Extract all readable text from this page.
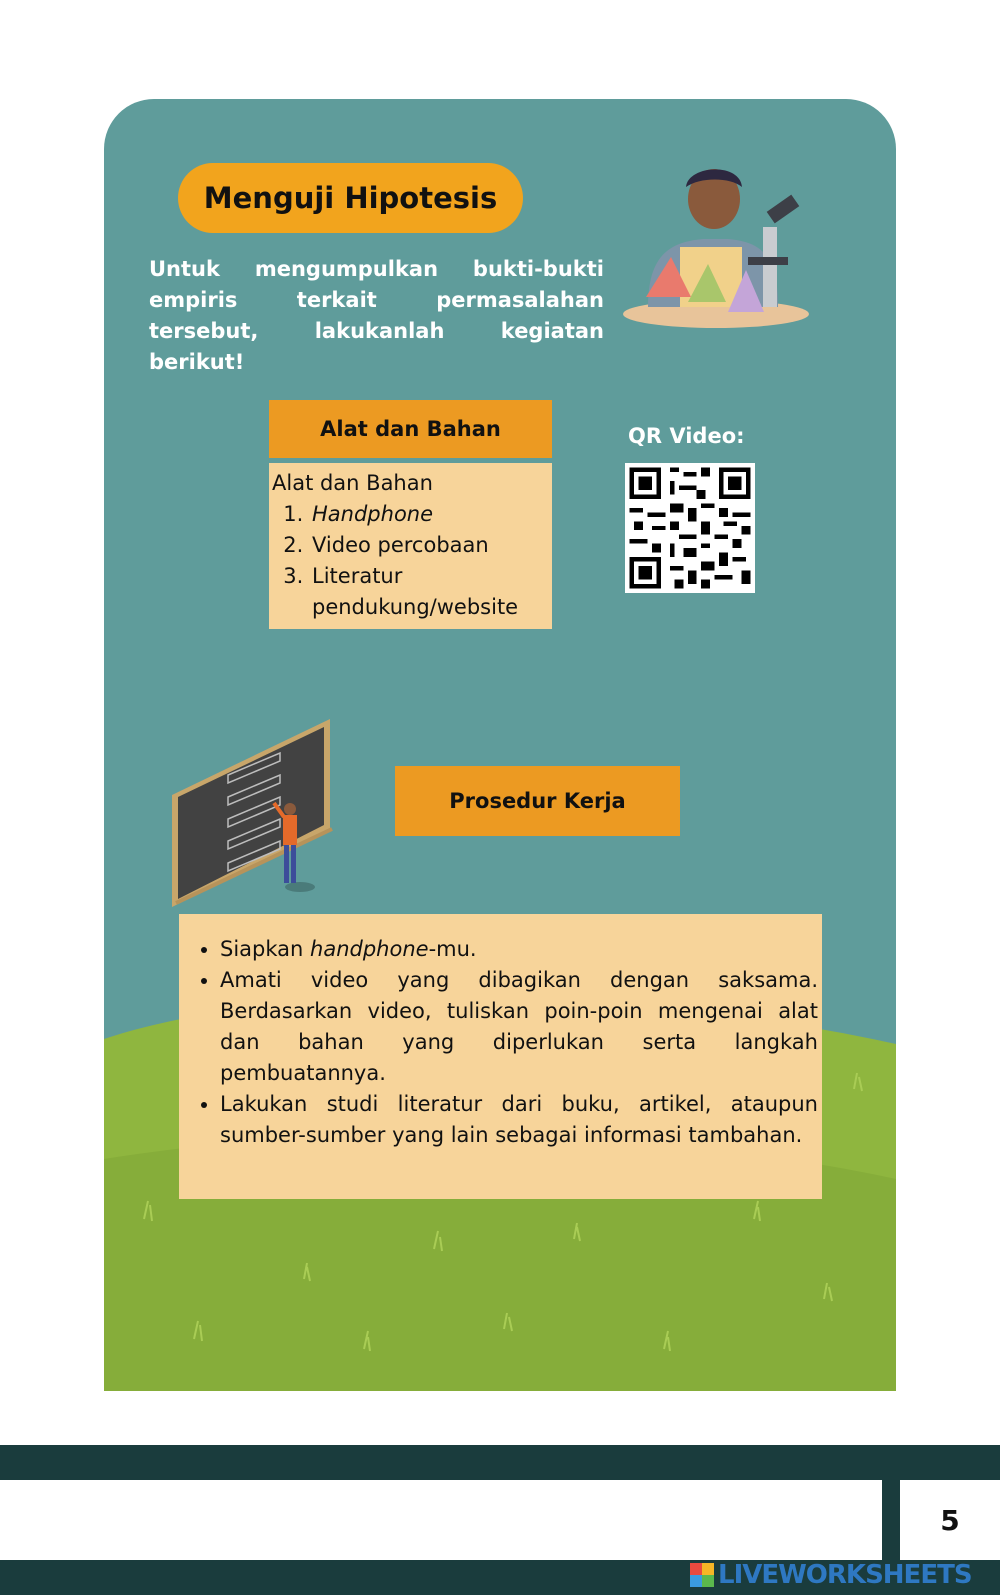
Menguji Hipotesis
Untuk mengumpulkan bukti-bukti empiris terkait permasalahan tersebut, lakukanlah kegiatan berikut!
Alat dan Bahan
Alat dan Bahan
1. Handphone
2. Video percobaan
3. Literatur pendukung/website
QR Video:
Prosedur Kerja
• Siapkan handphone-mu.
• Amati video yang dibagikan dengan saksama. Berdasarkan video, tuliskan poin-poin mengenai alat dan bahan yang diperlukan serta langkah pembuatannya.
• Lakukan studi literatur dari buku, artikel, ataupun sumber-sumber yang lain sebagai informasi tambahan.
5
LIVEWORKSHEETS
